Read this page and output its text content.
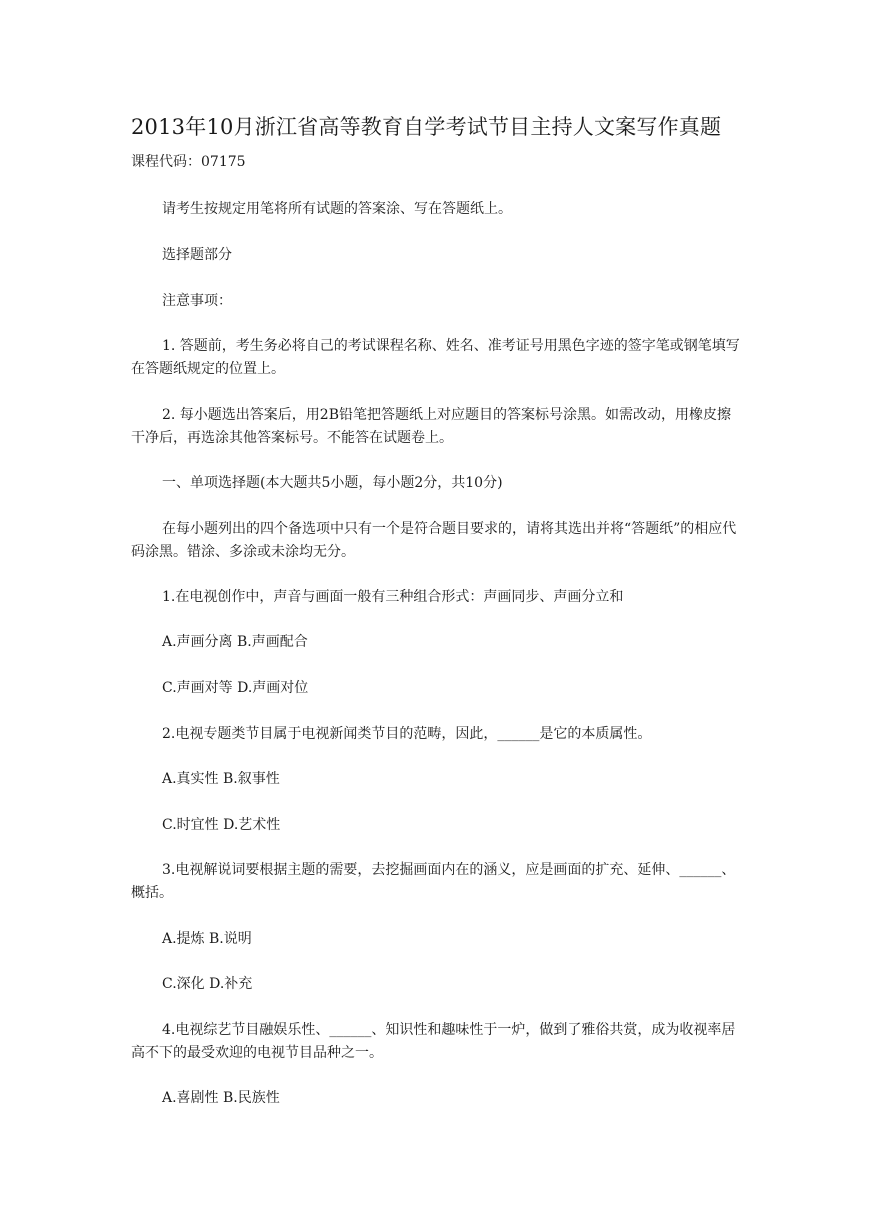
2013年10月浙江省高等教育自学考试节目主持人文案写作真题
课程代码：07175

请考生按规定用笔将所有试题的答案涂、写在答题纸上。

选择题部分

注意事项：

1. 答题前，考生务必将自己的考试课程名称、姓名、准考证号用黑色字迹的签字笔或钢笔填写在答题纸规定的位置上。

2. 每小题选出答案后，用2B铅笔把答题纸上对应题目的答案标号涂黑。如需改动，用橡皮擦干净后，再选涂其他答案标号。不能答在试题卷上。

一、单项选择题(本大题共5小题，每小题2分，共10分)

在每小题列出的四个备选项中只有一个是符合题目要求的，请将其选出并将“答题纸”的相应代码涂黑。错涂、多涂或未涂均无分。

1.在电视创作中，声音与画面一般有三种组合形式：声画同步、声画分立和

A.声画分离 B.声画配合

C.声画对等 D.声画对位

2.电视专题类节目属于电视新闻类节目的范畴，因此，______是它的本质属性。

A.真实性 B.叙事性

C.时宜性 D.艺术性

3.电视解说词要根据主题的需要，去挖掘画面内在的涵义，应是画面的扩充、延伸、______、概括。

A.提炼 B.说明

C.深化 D.补充

4.电视综艺节目融娱乐性、______、知识性和趣味性于一炉，做到了雅俗共赏，成为收视率居高不下的最受欢迎的电视节目品种之一。

A.喜剧性 B.民族性
